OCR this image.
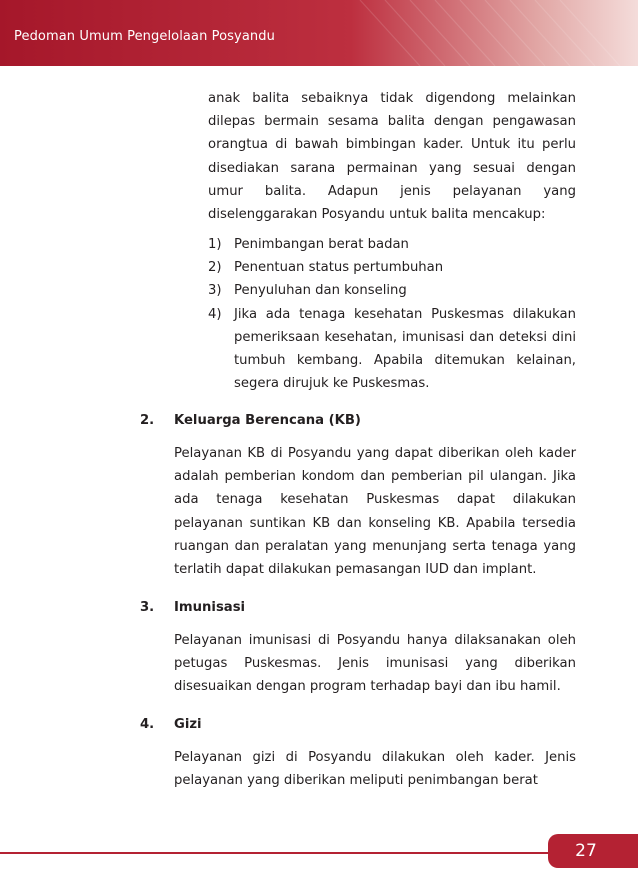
Pedoman Umum Pengelolaan Posyandu
anak balita sebaiknya tidak digendong melainkan dilepas bermain sesama balita dengan pengawasan orangtua di bawah bimbingan kader. Untuk itu perlu disediakan sarana permainan yang sesuai dengan umur balita. Adapun jenis pelayanan yang diselenggarakan Posyandu untuk balita mencakup:
1) Penimbangan berat badan
2) Penentuan status pertumbuhan
3) Penyuluhan dan konseling
4) Jika ada tenaga kesehatan Puskesmas dilakukan pemeriksaan kesehatan, imunisasi dan deteksi dini tumbuh kembang. Apabila ditemukan kelainan, segera dirujuk ke Puskesmas.
2. Keluarga Berencana (KB)
Pelayanan KB di Posyandu yang dapat diberikan oleh kader adalah pemberian kondom dan pemberian pil ulangan. Jika ada tenaga kesehatan Puskesmas dapat dilakukan pelayanan suntikan KB dan konseling KB. Apabila tersedia ruangan dan peralatan yang menunjang serta tenaga yang terlatih dapat dilakukan pemasangan IUD dan implant.
3. Imunisasi
Pelayanan imunisasi di Posyandu hanya dilaksanakan oleh petugas Puskesmas. Jenis imunisasi yang diberikan disesuaikan dengan program terhadap bayi dan ibu hamil.
4. Gizi
Pelayanan gizi di Posyandu dilakukan oleh kader. Jenis pelayanan yang diberikan meliputi penimbangan berat
27
